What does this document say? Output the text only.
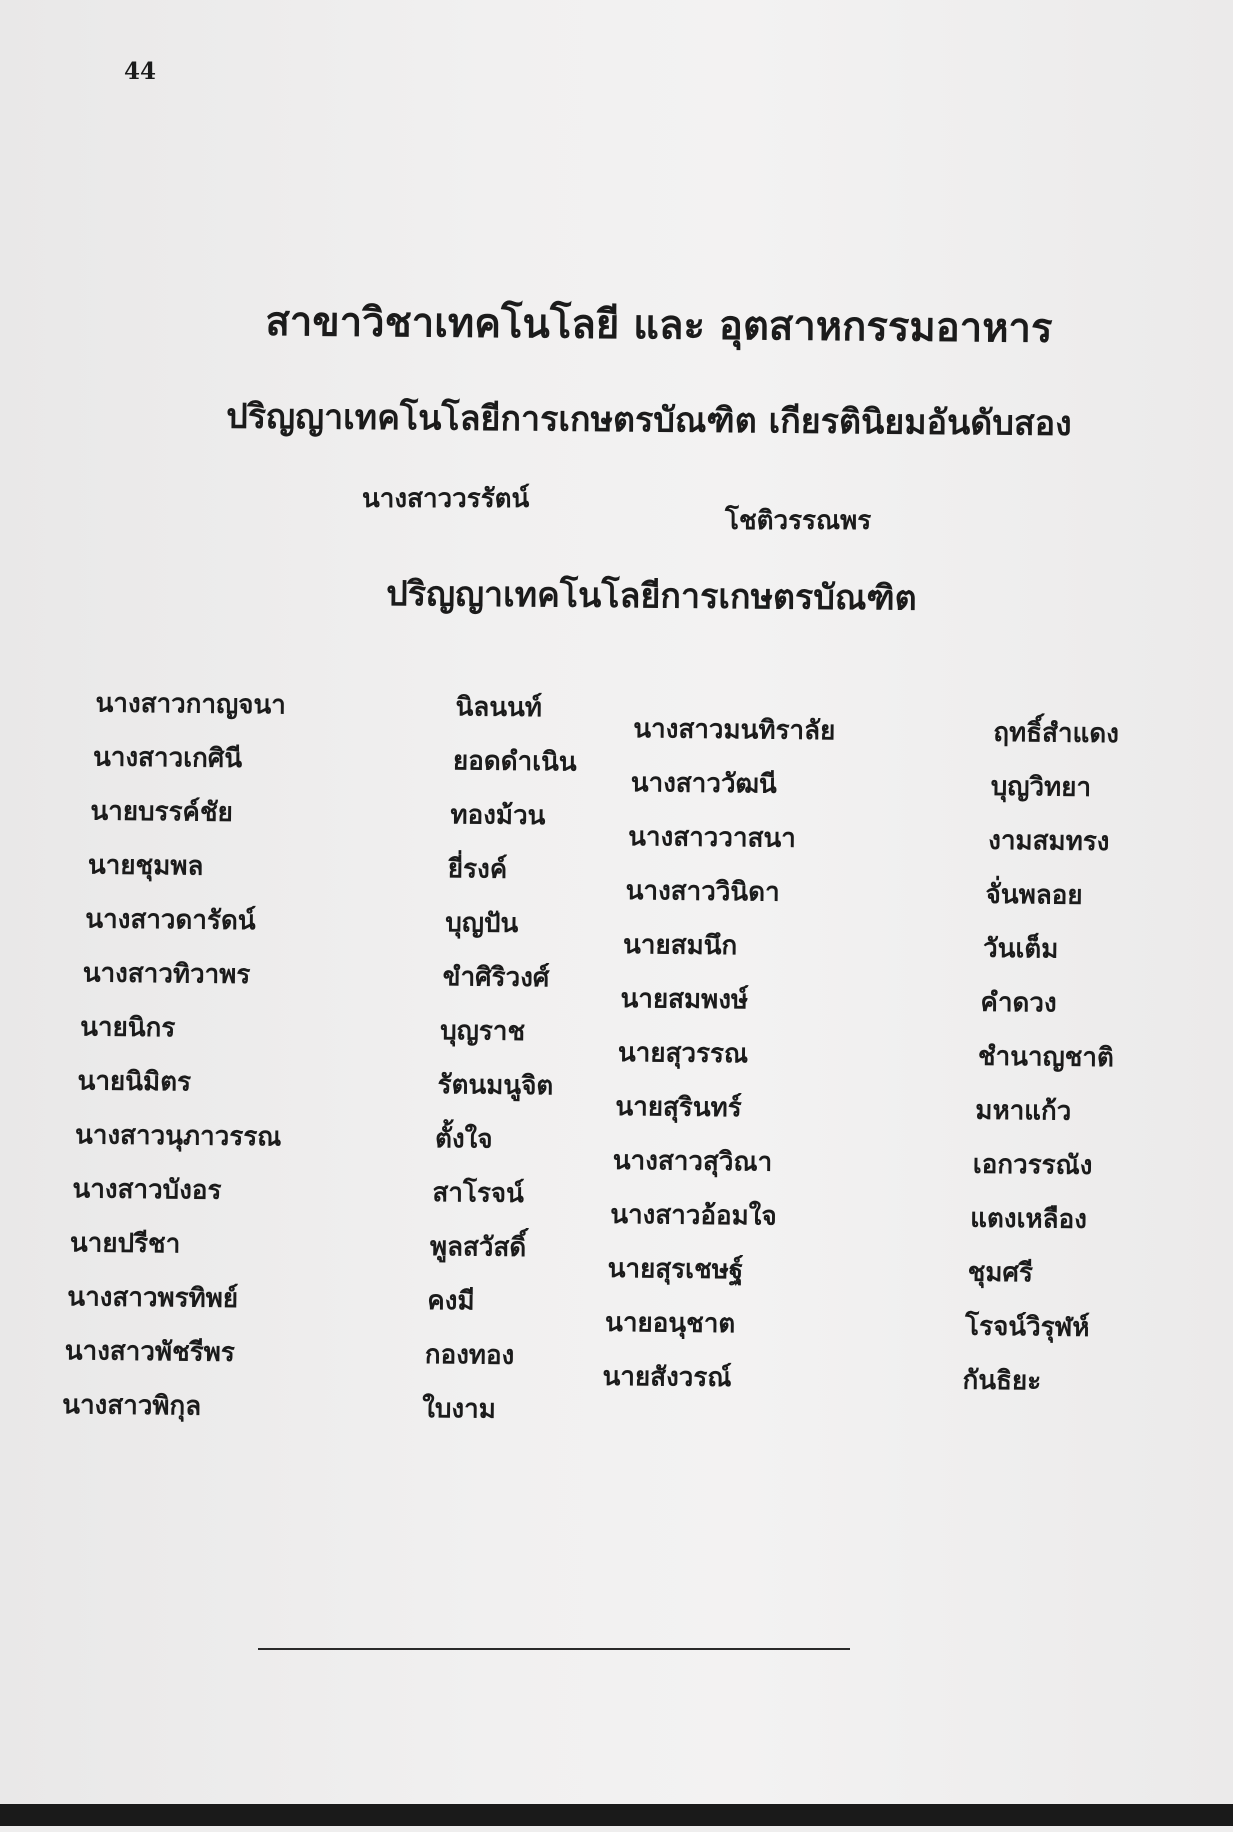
44
สาขาวิชาเทคโนโลยี และ อุตสาหกรรมอาหาร
ปริญญาเทคโนโลยีการเกษตรบัณฑิต เกียรตินิยมอันดับสอง
นางสาววรรัตน์
โชติวรรณพร
ปริญญาเทคโนโลยีการเกษตรบัณฑิต
นางสาวกาญจนา	นิลนนท์
นางสาวเกศินี	ยอดดำเนิน
นายบรรค์ชัย	ทองม้วน
นายชุมพล	ยี่รงค์
นางสาวดารัดน์	บุญปัน
นางสาวทิวาพร	ขำศิริวงศ์
นายนิกร	บุญราช
นายนิมิตร	รัตนมนูจิต
นางสาวนุภาวรรณ	ตั้งใจ
นางสาวบังอร	สาโรจน์
นายปรีชา	พูลสวัสดิ์
นางสาวพรทิพย์	คงมี
นางสาวพัชรีพร	กองทอง
นางสาวพิกุล	ใบงาม
นางสาวมนทิราลัย	ฤทธิ์สำแดง
นางสาววัฒนี	บุญวิทยา
นางสาววาสนา	งามสมทรง
นางสาววินิดา	จั่นพลอย
นายสมนึก	วันเต็ม
นายสมพงษ์	คำดวง
นายสุวรรณ	ชำนาญชาติ
นายสุรินทร์	มหาแก้ว
นางสาวสุวิณา	เอกวรรณัง
นางสาวอ้อมใจ	แตงเหลือง
นายสุรเชษฐ์	ชุมศรี
นายอนุชาต	โรจน์วิรุฬห์
นายสังวรณ์	กันธิยะ
